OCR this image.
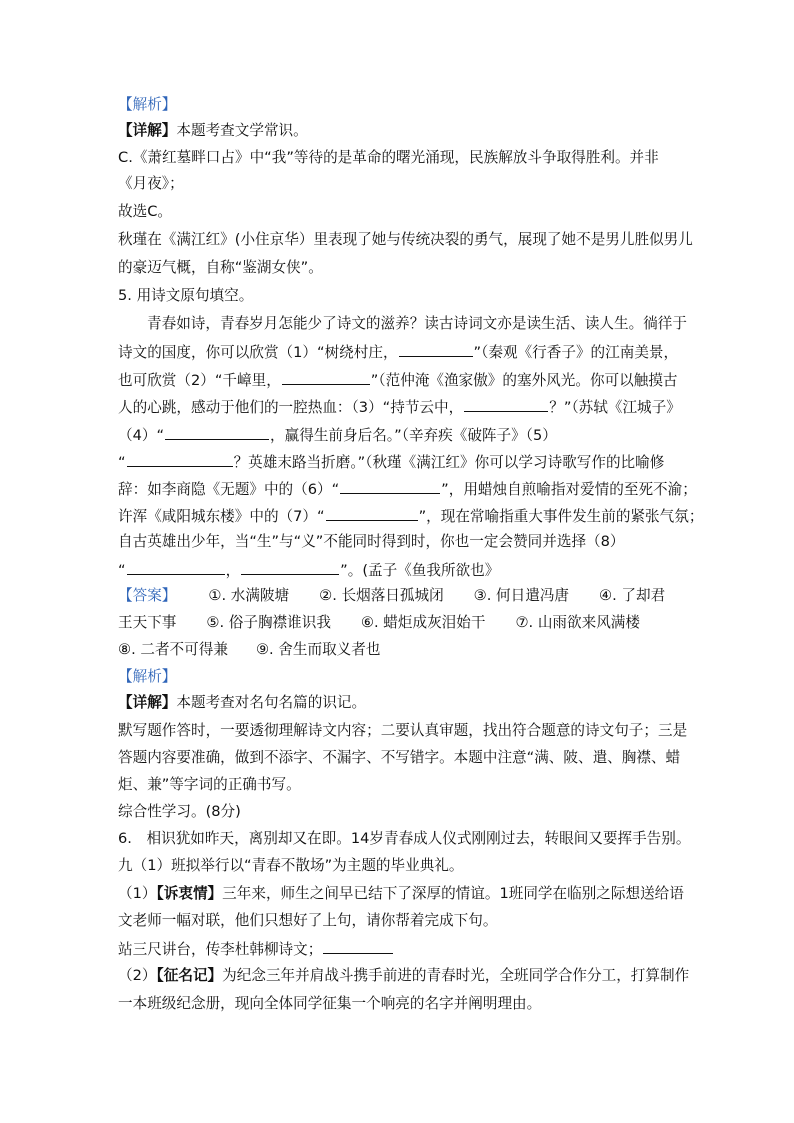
【解析】
【详解】本题考查文学常识。
C.《萧红墓畔口占》中“我”等待的是革命的曙光涌现，民族解放斗争取得胜利。并非
《月夜》；
故选C。
秋瑾在《满江红》(小住京华）里表现了她与传统决裂的勇气，展现了她不是男儿胜似男儿
的豪迈气概，自称“鉴湖女侠”。
5. 用诗文原句填空。
青春如诗，青春岁月怎能少了诗文的滋养？读古诗词文亦是读生活、读人生。徜徉于
诗文的国度，你可以欣赏（1）“树绕村庄，	”（秦观《行香子》的江南美景，
也可欣赏（2）“千嶂里，	”（范仲淹《渔家傲》的塞外风光。你可以触摸古
人的心跳，感动于他们的一腔热血：（3）“持节云中，	？”（苏轼《江城子》
（4）“	，赢得生前身后名。”（辛弃疾《破阵子》（5）
“	？英雄末路当折磨。”（秋瑾《满江红》你可以学习诗歌写作的比喻修
辞：如李商隐《无题》中的（6）“	”，用蜡烛自煎喻指对爱情的至死不渝；
许浑《咸阳城东楼》中的（7）“	”，现在常喻指重大事件发生前的紧张气氛；
自古英雄出少年，当“生”与“义”不能同时得到时，你也一定会赞同并选择（8）
“	，	”。(孟子《鱼我所欲也》
【答案】 ①. 水满陂塘 ②. 长烟落日孤城闭 ③. 何日遣冯唐 ④. 了却君
王天下事 ⑤. 俗子胸襟谁识我 ⑥. 蜡炬成灰泪始干 ⑦. 山雨欲来风满楼
⑧. 二者不可得兼 ⑨. 舍生而取义者也
【解析】
【详解】本题考查对名句名篇的识记。
默写题作答时，一要透彻理解诗文内容；二要认真审题，找出符合题意的诗文句子；三是
答题内容要准确，做到不添字、不漏字、不写错字。本题中注意“满、陂、遣、胸襟、蜡
炬、兼”等字词的正确书写。
综合性学习。(8分)
6.　相识犹如昨天，离别却又在即。14岁青春成人仪式刚刚过去，转眼间又要挥手告别。
九（1）班拟举行以“青春不散场”为主题的毕业典礼。
（1）【诉衷情】三年来，师生之间早已结下了深厚的情谊。1班同学在临别之际想送给语
文老师一幅对联，他们只想好了上句，请你帮着完成下句。
站三尺讲台，传李杜韩柳诗文；
（2）【征名记】为纪念三年并肩战斗携手前进的青春时光，全班同学合作分工，打算制作
一本班级纪念册，现向全体同学征集一个响亮的名字并阐明理由。
